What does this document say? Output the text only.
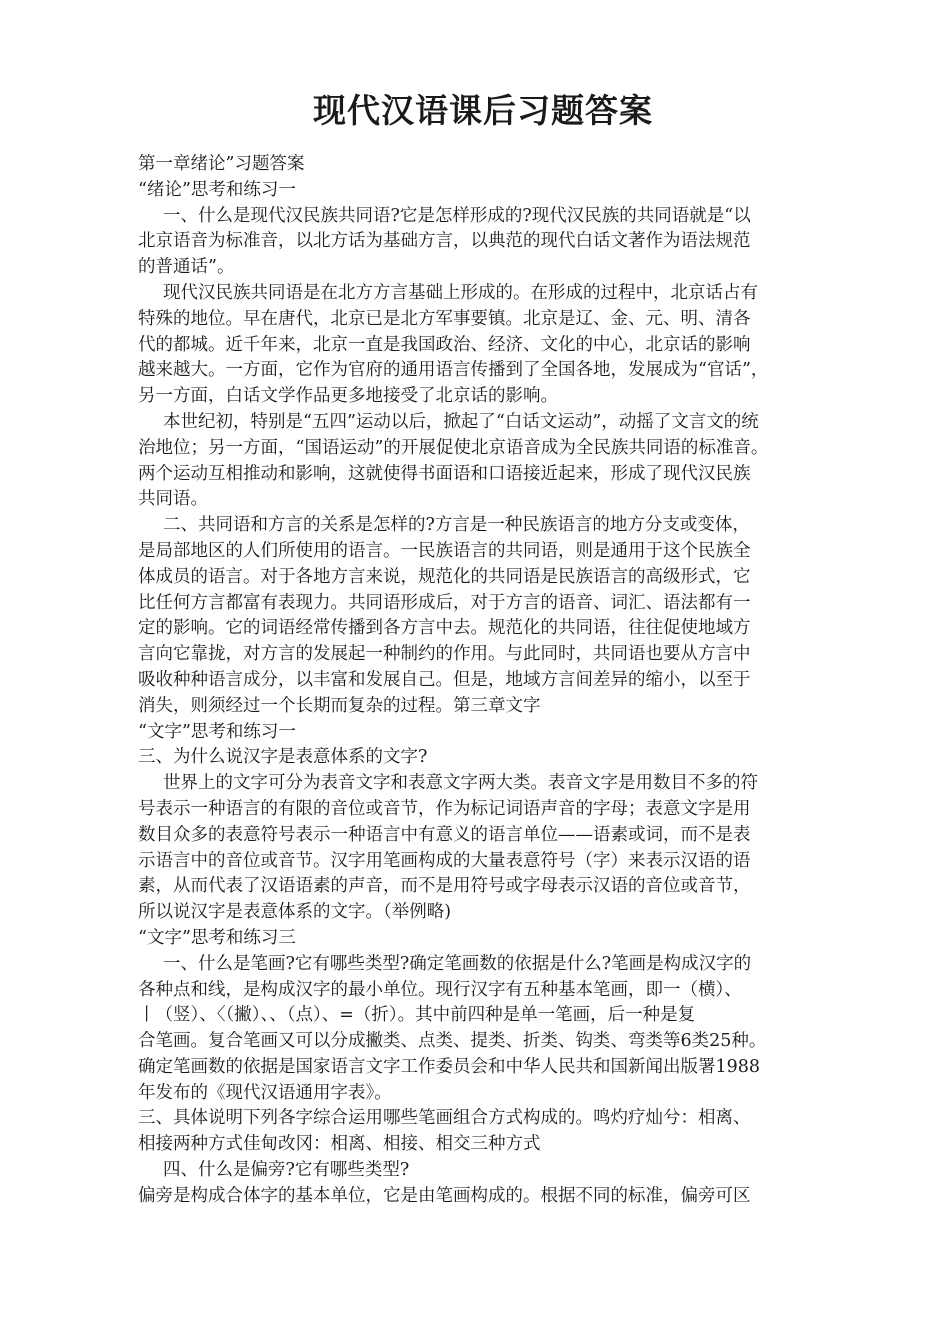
现代汉语课后习题答案

第一章绪论”习题答案

“绪论”思考和练习一

一、什么是现代汉民族共同语?它是怎样形成的?现代汉民族的共同语就是“以

北京语音为标准音，以北方话为基础方言，以典范的现代白话文著作为语法规范

的普通话”。

现代汉民族共同语是在北方方言基础上形成的。在形成的过程中，北京话占有

特殊的地位。早在唐代，北京已是北方军事要镇。北京是辽、金、元、明、清各

代的都城。近千年来，北京一直是我国政治、经济、文化的中心，北京话的影响

越来越大。一方面，它作为官府的通用语言传播到了全国各地，发展成为“官话”，

另一方面，白话文学作品更多地接受了北京话的影响。

本世纪初，特别是“五四”运动以后，掀起了“白话文运动”，动摇了文言文的统

治地位；另一方面，“国语运动”的开展促使北京语音成为全民族共同语的标准音。

两个运动互相推动和影响，这就使得书面语和口语接近起来，形成了现代汉民族

共同语。

二、共同语和方言的关系是怎样的?方言是一种民族语言的地方分支或变体，

是局部地区的人们所使用的语言。一民族语言的共同语，则是通用于这个民族全

体成员的语言。对于各地方言来说，规范化的共同语是民族语言的高级形式，它

比任何方言都富有表现力。共同语形成后，对于方言的语音、词汇、语法都有一

定的影响。它的词语经常传播到各方言中去。规范化的共同语，往往促使地域方

言向它靠拢，对方言的发展起一种制约的作用。与此同时，共同语也要从方言中

吸收种种语言成分，以丰富和发展自己。但是，地域方言间差异的缩小，以至于

消失，则须经过一个长期而复杂的过程。第三章文字

“文字”思考和练习一

三、为什么说汉字是表意体系的文字?

世界上的文字可分为表音文字和表意文字两大类。表音文字是用数目不多的符

号表示一种语言的有限的音位或音节，作为标记词语声音的字母；表意文字是用

数目众多的表意符号表示一种语言中有意义的语言单位——语素或词，而不是表

示语言中的音位或音节。汉字用笔画构成的大量表意符号（字）来表示汉语的语

素，从而代表了汉语语素的声音，而不是用符号或字母表示汉语的音位或音节，

所以说汉字是表意体系的文字。（举例略)

“文字”思考和练习三

一、什么是笔画?它有哪些类型?确定笔画数的依据是什么?笔画是构成汉字的

各种点和线，是构成汉字的最小单位。现行汉字有五种基本笔画，即一（横）、

丨（竖）、〈（撇）、、（点）、=（折）。其中前四种是单一笔画，后一种是复

合笔画。复合笔画又可以分成撇类、点类、提类、折类、钩类、弯类等6类25种。

确定笔画数的依据是国家语言文字工作委员会和中华人民共和国新闻出版署1988

年发布的《现代汉语通用字表》。

三、具体说明下列各字综合运用哪些笔画组合方式构成的。鸣灼疗灿兮：相离、

相接两种方式佳甸改冈：相离、相接、相交三种方式

四、什么是偏旁?它有哪些类型?

偏旁是构成合体字的基本单位，它是由笔画构成的。根据不同的标准，偏旁可区
